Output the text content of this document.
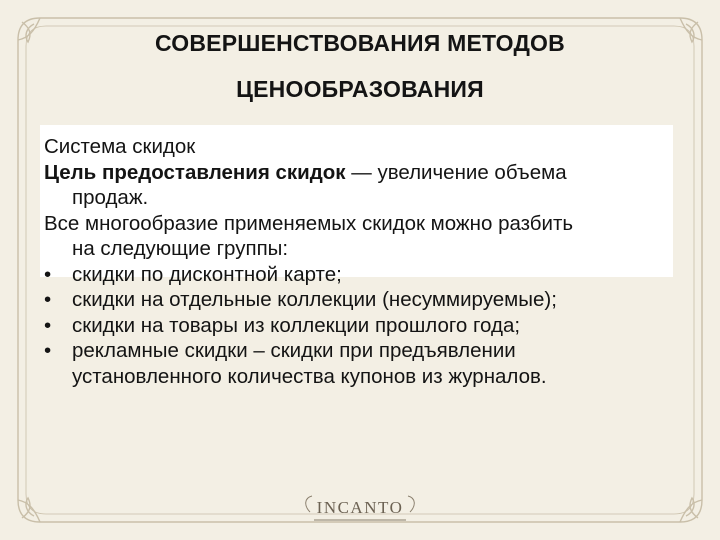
СОВЕРШЕНСТВОВАНИЯ МЕТОДОВ
ЦЕНООБРАЗОВАНИЯ
Система скидок
Цель предоставления скидок — увеличение объема
продаж.
Все многообразие применяемых скидок можно разбить
на следующие группы:
•	скидки по дисконтной карте;
•	скидки на отдельные коллекции (несуммируемые);
•	скидки на товары из коллекции прошлого года;
•	рекламные скидки – скидки при предъявлении
установленного количества купонов из журналов.
INCANTO
